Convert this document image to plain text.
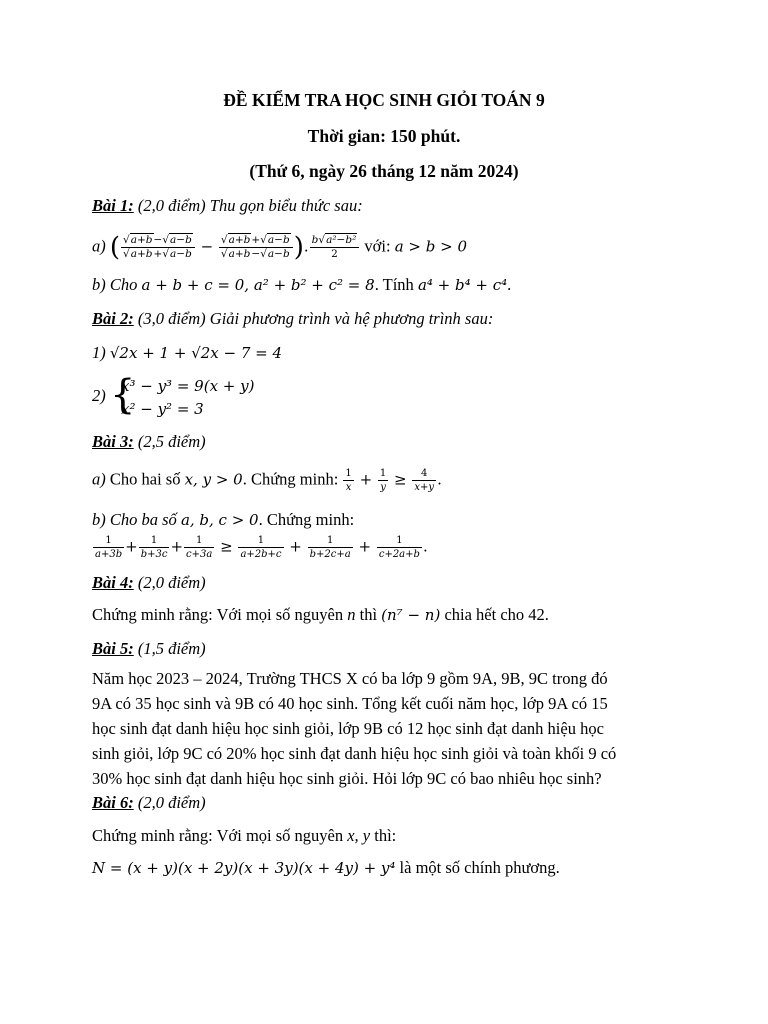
ĐỀ KIỂM TRA HỌC SINH GIỎI TOÁN 9
Thời gian: 150 phút.
(Thứ 6, ngày 26 tháng 12 năm 2024)
Bài 1: (2,0 điểm) Thu gọn biểu thức sau:
a) ( $\frac{√a+b-√a-b}{√a+b+√a-b} - \frac{√a+b+√a-b}{√a+b-√a-b}$ ). $\frac{\text{b√a²−b²}}{2}$ với: a > b > 0
b) Cho a + b + c = 0, a² + b² + c² = 8. Tính a⁴ + b⁴ + c⁴.
Bài 2: (3,0 điểm) Giải phương trình và hệ phương trình sau:
1) √2x + 1 + √2x − 7 = 4
2) {
x³ − y³ = 9(x + y)
x² − y² = 3
Bài 3: (2,5 điểm)
a) Cho hai số x, y > 0. Chứng minh: $\frac{1}{x} + \frac{1}{y} \ge \frac{4}{x+y}$ .
b) Cho ba số a, b, c > 0. Chứng minh:
$\frac{1}{a+3b} + \frac{1}{b+3c} + \frac{1}{c+3a} \ge \frac{1}{a+2b+c} + \frac{1}{b+2c+a} + \frac{1}{c+2a+b}$ .
Bài 4: (2,0 điểm)
Chứng minh rằng: Với mọi số nguyên n thì (n⁷ − n) chia hết cho 42.
Bài 5: (1,5 điểm)
Năm học 2023 – 2024, Trường THCS X có ba lớp 9 gồm 9A, 9B, 9C trong đó
9A có 35 học sinh và 9B có 40 học sinh. Tổng kết cuối năm học, lớp 9A có 15
học sinh đạt danh hiệu học sinh giỏi, lớp 9B có 12 học sinh đạt danh hiệu học
sinh giỏi, lớp 9C có 20% học sinh đạt danh hiệu học sinh giỏi và toàn khối 9 có
30% học sinh đạt danh hiệu học sinh giỏi. Hỏi lớp 9C có bao nhiêu học sinh?
Bài 6: (2,0 điểm)
Chứng minh rằng: Với mọi số nguyên x, y thì:
N = (x + y)(x + 2y)(x + 3y)(x + 4y) + y⁴ là một số chính phương.
